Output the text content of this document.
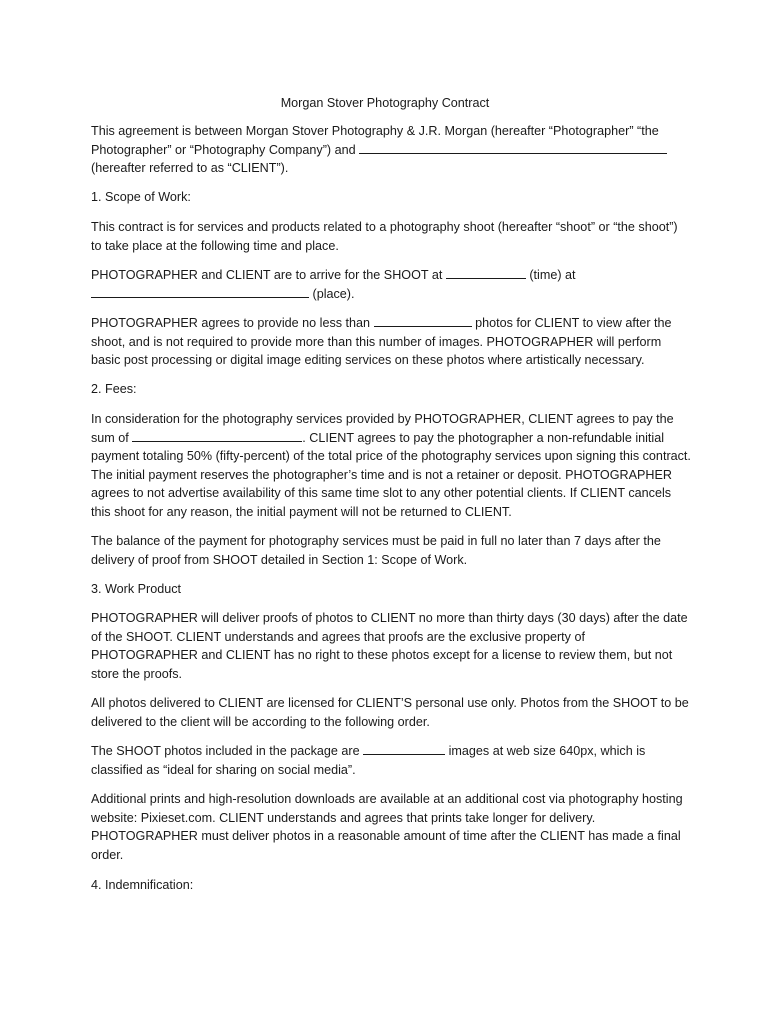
Morgan Stover Photography Contract
This agreement is between Morgan Stover Photography & J.R. Morgan (hereafter “Photographer” “the Photographer” or “Photography Company”) and
(hereafter referred to as “CLIENT”).
1. Scope of Work:
This contract is for services and products related to a photography shoot (hereafter “shoot” or “the shoot”) to take place at the following time and place.
PHOTOGRAPHER and CLIENT are to arrive for the SHOOT at	(time) at
(place).
PHOTOGRAPHER agrees to provide no less than	photos for CLIENT to view after the shoot, and is not required to provide more than this number of images. PHOTOGRAPHER will perform basic post processing or digital image editing services on these photos where artistically necessary.
2. Fees:
In consideration for the photography services provided by PHOTOGRAPHER, CLIENT agrees to pay the sum of	. CLIENT agrees to pay the photographer a non-refundable initial payment totaling 50% (fifty-percent) of the total price of the photography services upon signing this contract. The initial payment reserves the photographer’s time and is not a retainer or deposit. PHOTOGRAPHER agrees to not advertise availability of this same time slot to any other potential clients. If CLIENT cancels this shoot for any reason, the initial payment will not be returned to CLIENT.
The balance of the payment for photography services must be paid in full no later than 7 days after the delivery of proof from SHOOT detailed in Section 1: Scope of Work.
3. Work Product
PHOTOGRAPHER will deliver proofs of photos to CLIENT no more than thirty days (30 days) after the date of the SHOOT. CLIENT understands and agrees that proofs are the exclusive property of PHOTOGRAPHER and CLIENT has no right to these photos except for a license to review them, but not store the proofs.
All photos delivered to CLIENT are licensed for CLIENT’S personal use only. Photos from the SHOOT to be delivered to the client will be according to the following order.
The SHOOT photos included in the package are	images at web size 640px, which is classified as “ideal for sharing on social media”.
Additional prints and high-resolution downloads are available at an additional cost via photography hosting website: Pixieset.com. CLIENT understands and agrees that prints take longer for delivery. PHOTOGRAPHER must deliver photos in a reasonable amount of time after the CLIENT has made a final order.
4. Indemnification:
